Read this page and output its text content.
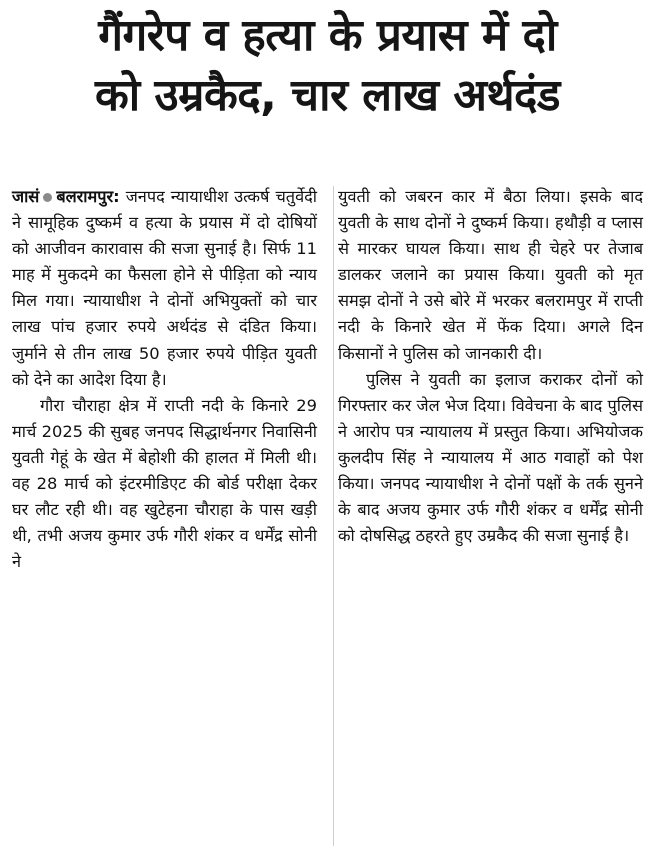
गैंगरेप व हत्या के प्रयास में दो
को उम्रकैद, चार लाख अर्थदंड

जासं बलरामपुर: जनपद न्यायाधीश उत्कर्ष चतुर्वेदी ने सामूहिक दुष्कर्म व हत्या के प्रयास में दो दोषियों को आजीवन कारावास की सजा सुनाई है। सिर्फ 11 माह में मुकदमे का फैसला होने से पीड़िता को न्याय मिल गया। न्यायाधीश ने दोनों अभियुक्तों को चार लाख पांच हजार रुपये अर्थदंड से दंडित किया। जुर्माने से तीन लाख 50 हजार रुपये पीड़ित युवती को देने का आदेश दिया है।

गौरा चौराहा क्षेत्र में राप्ती नदी के किनारे 29 मार्च 2025 की सुबह जनपद सिद्धार्थनगर निवासिनी युवती गेहूं के खेत में बेहोशी की हालत में मिली थी। वह 28 मार्च को इंटरमीडिएट की बोर्ड परीक्षा देकर घर लौट रही थी। वह खुटेहना चौराहा के पास खड़ी थी, तभी अजय कुमार उर्फ गौरी शंकर व धर्मेंद्र सोनी ने

युवती को जबरन कार में बैठा लिया। इसके बाद युवती के साथ दोनों ने दुष्कर्म किया। हथौड़ी व प्लास से मारकर घायल किया। साथ ही चेहरे पर तेजाब डालकर जलाने का प्रयास किया। युवती को मृत समझ दोनों ने उसे बोरे में भरकर बलरामपुर में राप्ती नदी के किनारे खेत में फेंक दिया। अगले दिन किसानों ने पुलिस को जानकारी दी।

पुलिस ने युवती का इलाज कराकर दोनों को गिरफ्तार कर जेल भेज दिया। विवेचना के बाद पुलिस ने आरोप पत्र न्यायालय में प्रस्तुत किया। अभियोजक कुलदीप सिंह ने न्यायालय में आठ गवाहों को पेश किया। जनपद न्यायाधीश ने दोनों पक्षों के तर्क सुनने के बाद अजय कुमार उर्फ गौरी शंकर व धर्मेंद्र सोनी को दोषसिद्ध ठहरते हुए उम्रकैद की सजा सुनाई है।
